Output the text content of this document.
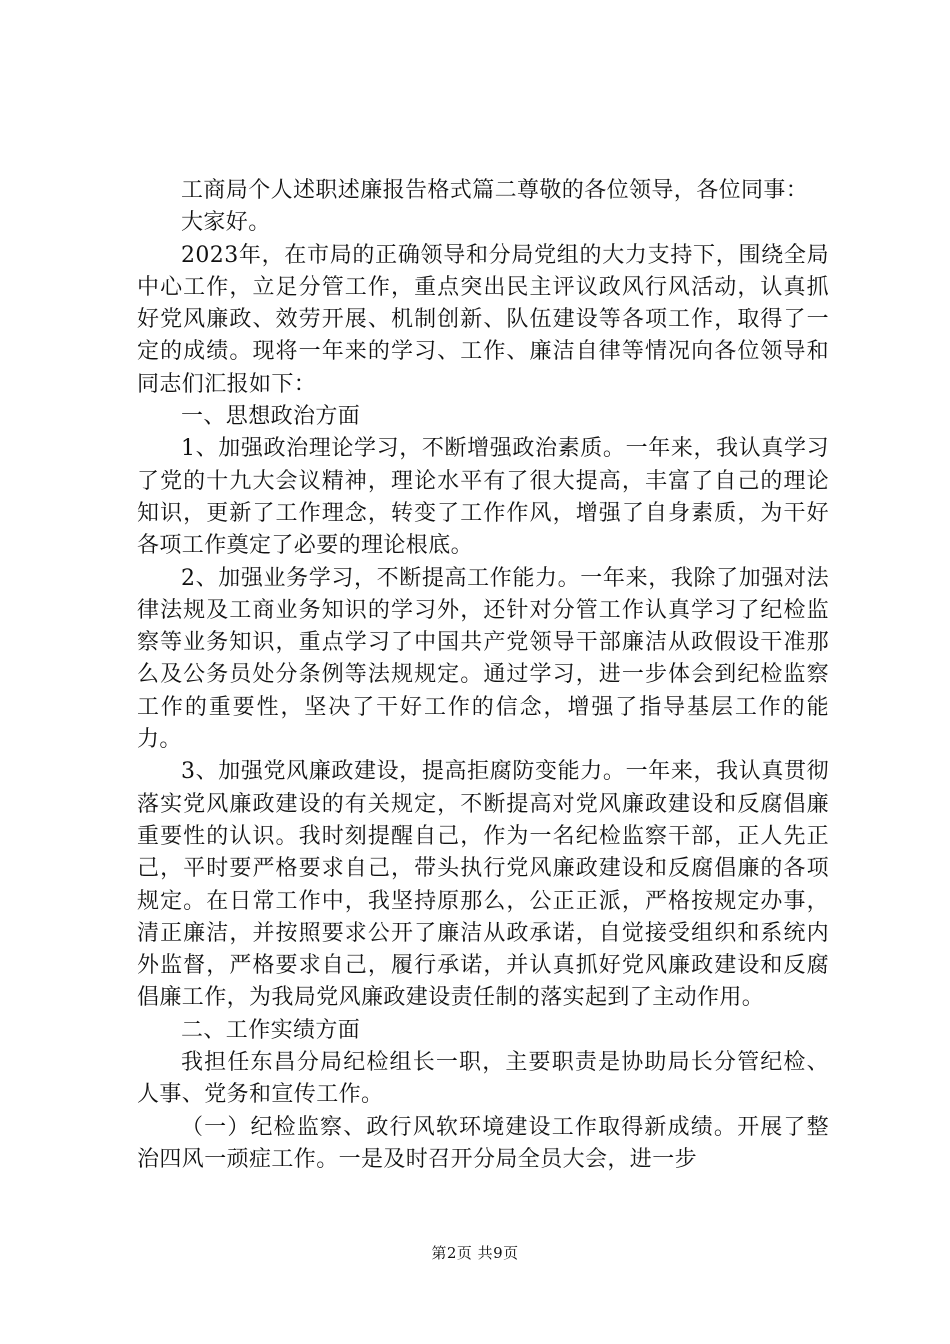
工商局个人述职述廉报告格式篇二尊敬的各位领导，各位同事：

大家好。

2023年，在市局的正确领导和分局党组的大力支持下，围绕全局中心工作，立足分管工作，重点突出民主评议政风行风活动，认真抓好党风廉政、效劳开展、机制创新、队伍建设等各项工作，取得了一定的成绩。现将一年来的学习、工作、廉洁自律等情况向各位领导和同志们汇报如下：

一、思想政治方面

1、加强政治理论学习，不断增强政治素质。一年来，我认真学习了党的十九大会议精神，理论水平有了很大提高，丰富了自己的理论知识，更新了工作理念，转变了工作作风，增强了自身素质，为干好各项工作奠定了必要的理论根底。

2、加强业务学习，不断提高工作能力。一年来，我除了加强对法律法规及工商业务知识的学习外，还针对分管工作认真学习了纪检监察等业务知识，重点学习了中国共产党领导干部廉洁从政假设干准那么及公务员处分条例等法规规定。通过学习，进一步体会到纪检监察工作的重要性，坚决了干好工作的信念，增强了指导基层工作的能力。

3、加强党风廉政建设，提高拒腐防变能力。一年来，我认真贯彻落实党风廉政建设的有关规定，不断提高对党风廉政建设和反腐倡廉重要性的认识。我时刻提醒自己，作为一名纪检监察干部，正人先正己，平时要严格要求自己，带头执行党风廉政建设和反腐倡廉的各项规定。在日常工作中，我坚持原那么，公正正派，严格按规定办事，清正廉洁，并按照要求公开了廉洁从政承诺，自觉接受组织和系统内外监督，严格要求自己，履行承诺，并认真抓好党风廉政建设和反腐倡廉工作，为我局党风廉政建设责任制的落实起到了主动作用。

二、工作实绩方面

我担任东昌分局纪检组长一职，主要职责是协助局长分管纪检、人事、党务和宣传工作。

（一）纪检监察、政行风软环境建设工作取得新成绩。开展了整治四风一顽症工作。一是及时召开分局全员大会，进一步

第2页 共9页
